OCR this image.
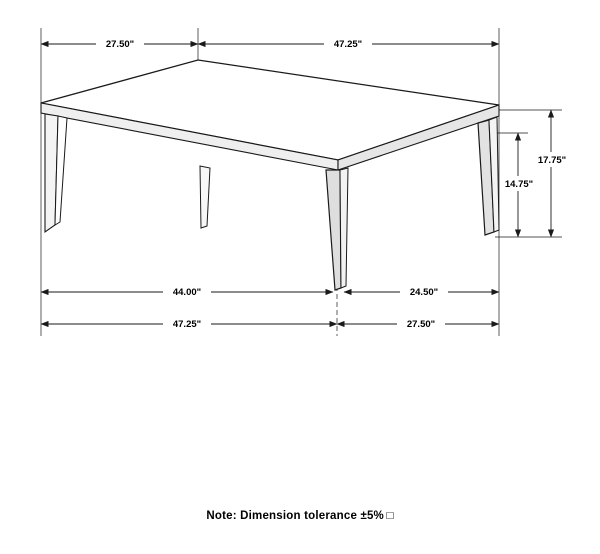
27.50"	47.25"
17.75"
14.75"
44.00"	24.50"
47.25"	27.50"
Note: Dimension tolerance ±5% □
